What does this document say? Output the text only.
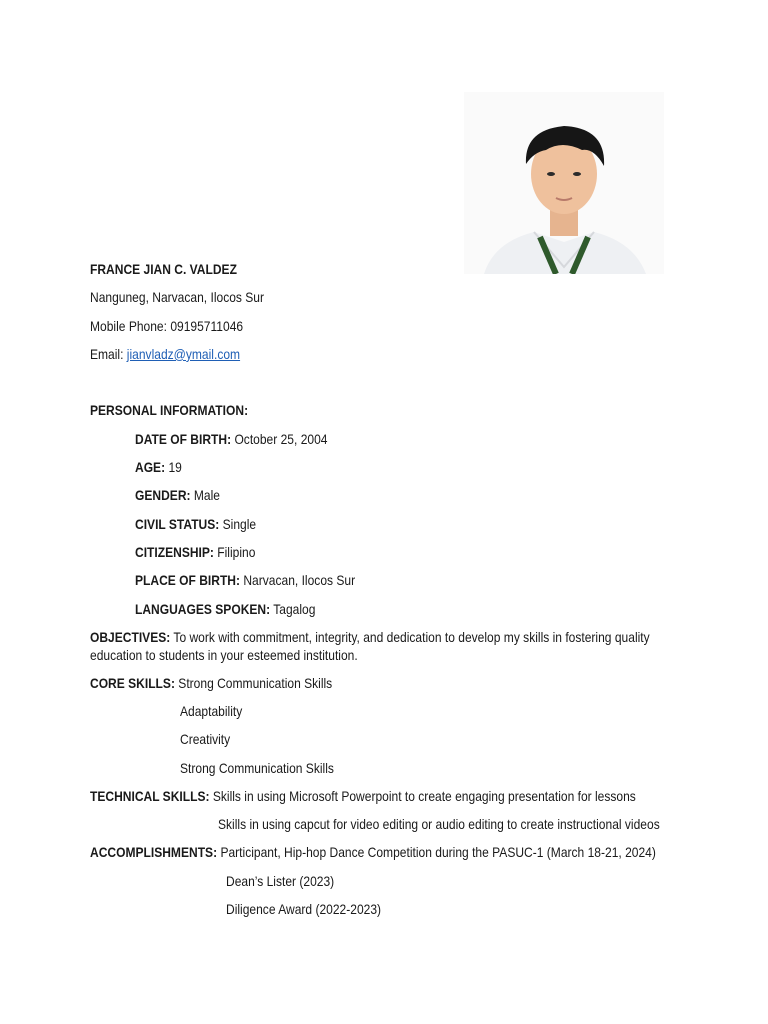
FRANCE JIAN C. VALDEZ
Nanguneg, Narvacan, Ilocos Sur
Mobile Phone: 09195711046
Email: jianvladz@ymail.com
PERSONAL INFORMATION:
DATE OF BIRTH: October 25, 2004
AGE: 19
GENDER: Male
CIVIL STATUS: Single
CITIZENSHIP: Filipino
PLACE OF BIRTH: Narvacan, Ilocos Sur
LANGUAGES SPOKEN: Tagalog
OBJECTIVES: To work with commitment, integrity, and dedication to develop my skills in fostering quality education to students in your esteemed institution.
CORE SKILLS: Strong Communication Skills
Adaptability
Creativity
Strong Communication Skills
TECHNICAL SKILLS: Skills in using Microsoft Powerpoint to create engaging presentation for lessons
Skills in using capcut for video editing or audio editing to create instructional videos
ACCOMPLISHMENTS: Participant, Hip-hop Dance Competition during the PASUC-1 (March 18-21, 2024)
Dean’s Lister (2023)
Diligence Award (2022-2023)
